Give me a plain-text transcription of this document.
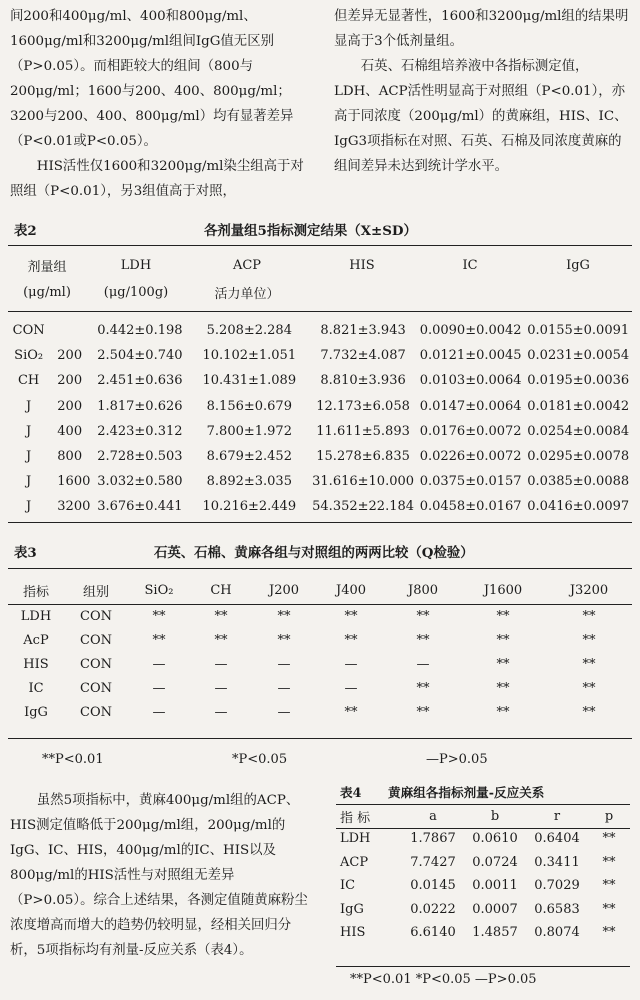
间200和400μg/ml、400和800μg/ml、1600μg/ml和3200μg/ml组间IgG值无区别（P>0.05）。而相距较大的组间（800与200μg/ml；1600与200、400、800μg/ml；3200与200、400、800μg/ml）均有显著差异（P<0.01或P<0.05）。

HIS活性仅1600和3200μg/ml染尘组高于对照组（P<0.01），另3组值高于对照，

但差异无显著性，1600和3200μg/ml组的结果明显高于3个低剂量组。

石英、石棉组培养液中各指标测定值，LDH、ACP活性明显高于对照组（P<0.01），亦高于同浓度（200μg/ml）的黄麻组，HIS、IC、IgG3项指标在对照、石英、石棉及同浓度黄麻的组间差异未达到统计学水平。

表2	各剂量组5指标测定结果（X±SD）
剂量组	LDH	ACP	HIS	IC	IgG
(μg/ml)	(μg/100g)	活力单位）			
CON		0.442±0.198	5.208±2.284	8.821±3.943	0.0090±0.0042	0.0155±0.0091
SiO₂	200	2.504±0.740	10.102±1.051	7.732±4.087	0.0121±0.0045	0.0231±0.0054
CH	200	2.451±0.636	10.431±1.089	8.810±3.936	0.0103±0.0064	0.0195±0.0036
J	200	1.817±0.626	8.156±0.679	12.173±6.058	0.0147±0.0064	0.0181±0.0042
J	400	2.423±0.312	7.800±1.972	11.611±5.893	0.0176±0.0072	0.0254±0.0084
J	800	2.728±0.503	8.679±2.452	15.278±6.835	0.0226±0.0072	0.0295±0.0078
J	1600	3.032±0.580	8.892±3.035	31.616±10.000	0.0375±0.0157	0.0385±0.0088
J	3200	3.676±0.441	10.216±2.449	54.352±22.184	0.0458±0.0167	0.0416±0.0097
表3	石英、石棉、黄麻各组与对照组的两两比较（Q检验）
指标	组别	SiO₂	CH	J200	J400	J800	J1600	J3200
LDH	CON	**	**	**	**	**	**	**
AcP	CON	**	**	**	**	**	**	**
HIS	CON	—	—	—	—	—	**	**
IC	CON	—	—	—	—	**	**	**
IgG	CON	—	—	—	**	**	**	**
**P<0.01	*P<0.05	—P>0.05

虽然5项指标中，黄麻400μg/ml组的ACP、HIS测定值略低于200μg/ml组，200μg/ml的IgG、IC、HIS，400μg/ml的IC、HIS以及800μg/ml的HIS活性与对照组无差异（P>0.05）。综合上述结果，各测定值随黄麻粉尘浓度增高而增大的趋势仍较明显，经相关回归分析，5项指标均有剂量-反应关系（表4）。

表4 黄麻组各指标剂量-反应关系
指 标	a	b	r	p
LDH	1.7867	0.0610	0.6404	**
ACP	7.7427	0.0724	0.3411	**
IC	0.0145	0.0011	0.7029	**
IgG	0.0222	0.0007	0.6583	**
HIS	6.6140	1.4857	0.8074	**
**P<0.01 *P<0.05 —P>0.05
